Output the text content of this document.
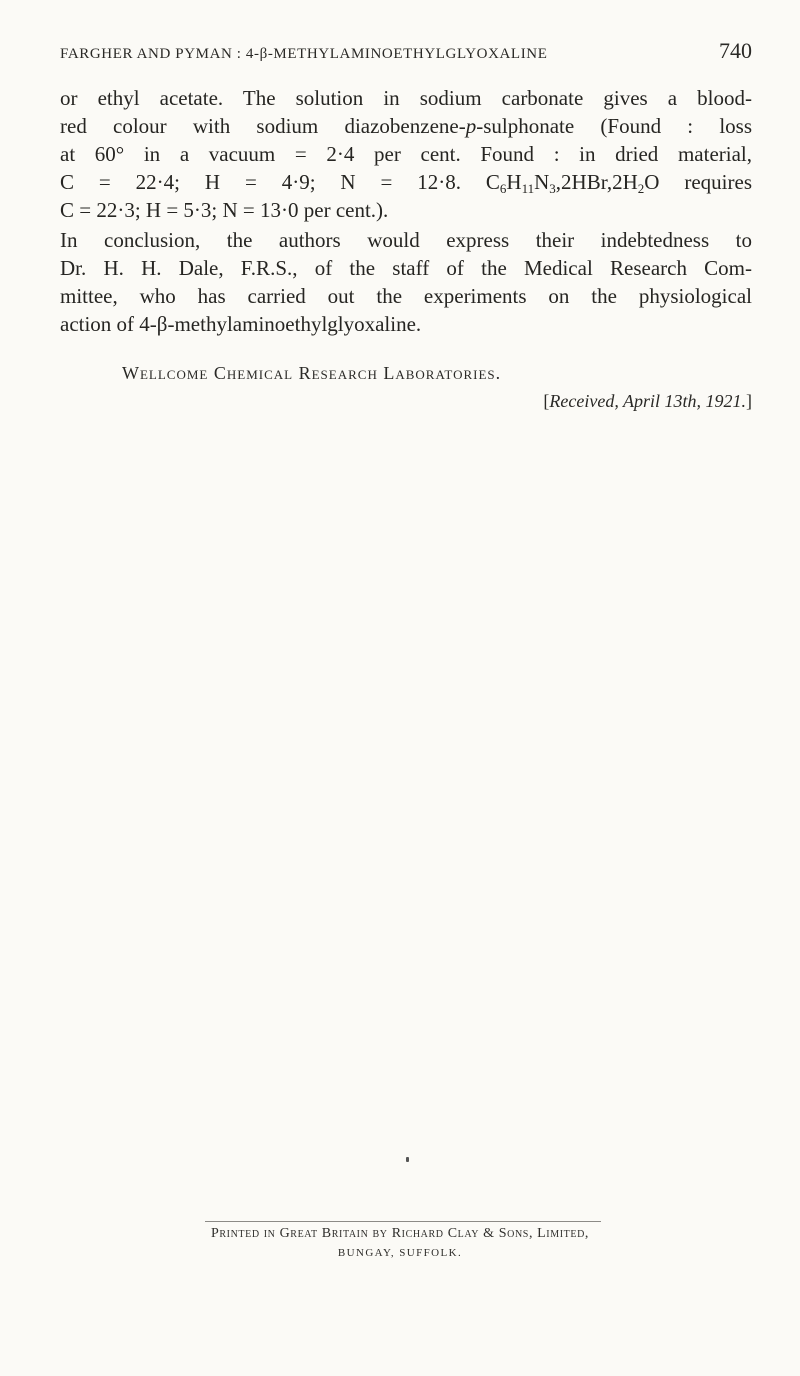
FARGHER AND PYMAN : 4-β-METHYLAMINOETHYLGLYOXALINE	740
or ethyl acetate. The solution in sodium carbonate gives a blood-
red colour with sodium diazobenzene-p-sulphonate (Found : loss
at 60° in a vacuum = 2·4 per cent. Found : in dried material,
C = 22·4; H = 4·9; N = 12·8. $C_6H_{11}N_3,2HBr,2H_2O$ requires
C = 22·3; H = 5·3; N = 13·0 per cent.).
In conclusion, the authors would express their indebtedness to
Dr. H. H. Dale, F.R.S., of the staff of the Medical Research Com-
mittee, who has carried out the experiments on the physiological
action of 4-β-methylaminoethylglyoxaline.
Wellcome Chemical Research Laboratories.
[Received, April 13th, 1921.]
Printed in Great Britain by Richard Clay & Sons, Limited,
BUNGAY, SUFFOLK.
